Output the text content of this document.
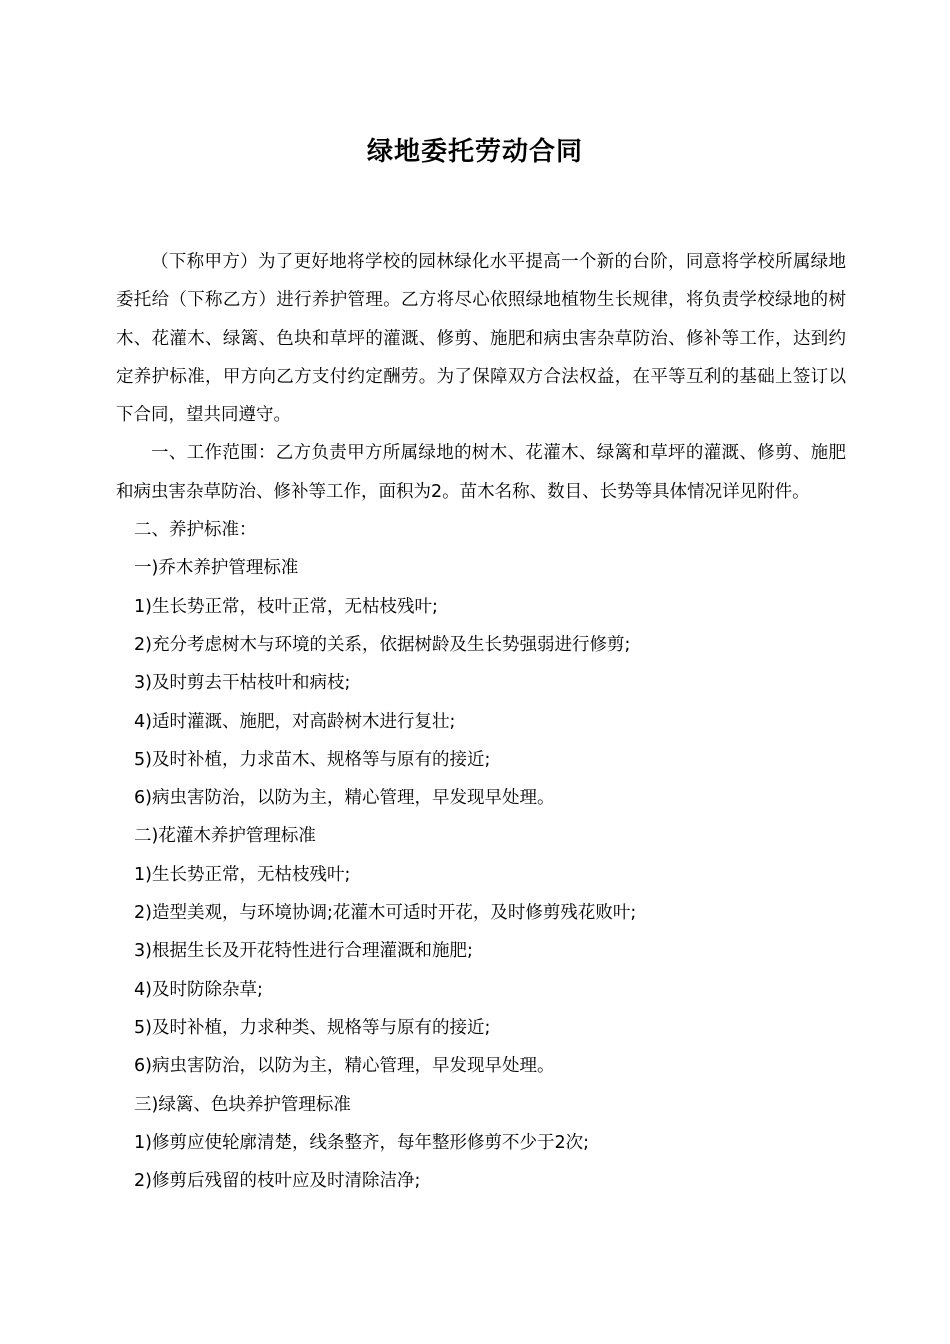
绿地委托劳动合同

（下称甲方）为了更好地将学校的园林绿化水平提高一个新的台阶，同意将学校所属绿地委托给（下称乙方）进行养护管理。乙方将尽心依照绿地植物生长规律，将负责学校绿地的树木、花灌木、绿篱、色块和草坪的灌溉、修剪、施肥和病虫害杂草防治、修补等工作，达到约定养护标准，甲方向乙方支付约定酬劳。为了保障双方合法权益，在平等互利的基础上签订以下合同，望共同遵守。

一、工作范围：乙方负责甲方所属绿地的树木、花灌木、绿篱和草坪的灌溉、修剪、施肥和病虫害杂草防治、修补等工作，面积为2。苗木名称、数目、长势等具体情况详见附件。

二、养护标准：

一)乔木养护管理标准

1)生长势正常，枝叶正常，无枯枝残叶;

2)充分考虑树木与环境的关系，依据树龄及生长势强弱进行修剪;

3)及时剪去干枯枝叶和病枝;

4)适时灌溉、施肥，对高龄树木进行复壮;

5)及时补植，力求苗木、规格等与原有的接近;

6)病虫害防治，以防为主，精心管理，早发现早处理。

二)花灌木养护管理标准

1)生长势正常，无枯枝残叶;

2)造型美观，与环境协调;花灌木可适时开花，及时修剪残花败叶;

3)根据生长及开花特性进行合理灌溉和施肥;

4)及时防除杂草;

5)及时补植，力求种类、规格等与原有的接近;

6)病虫害防治，以防为主，精心管理，早发现早处理。

三)绿篱、色块养护管理标准

1)修剪应使轮廓清楚，线条整齐，每年整形修剪不少于2次;

2)修剪后残留的枝叶应及时清除洁净;
